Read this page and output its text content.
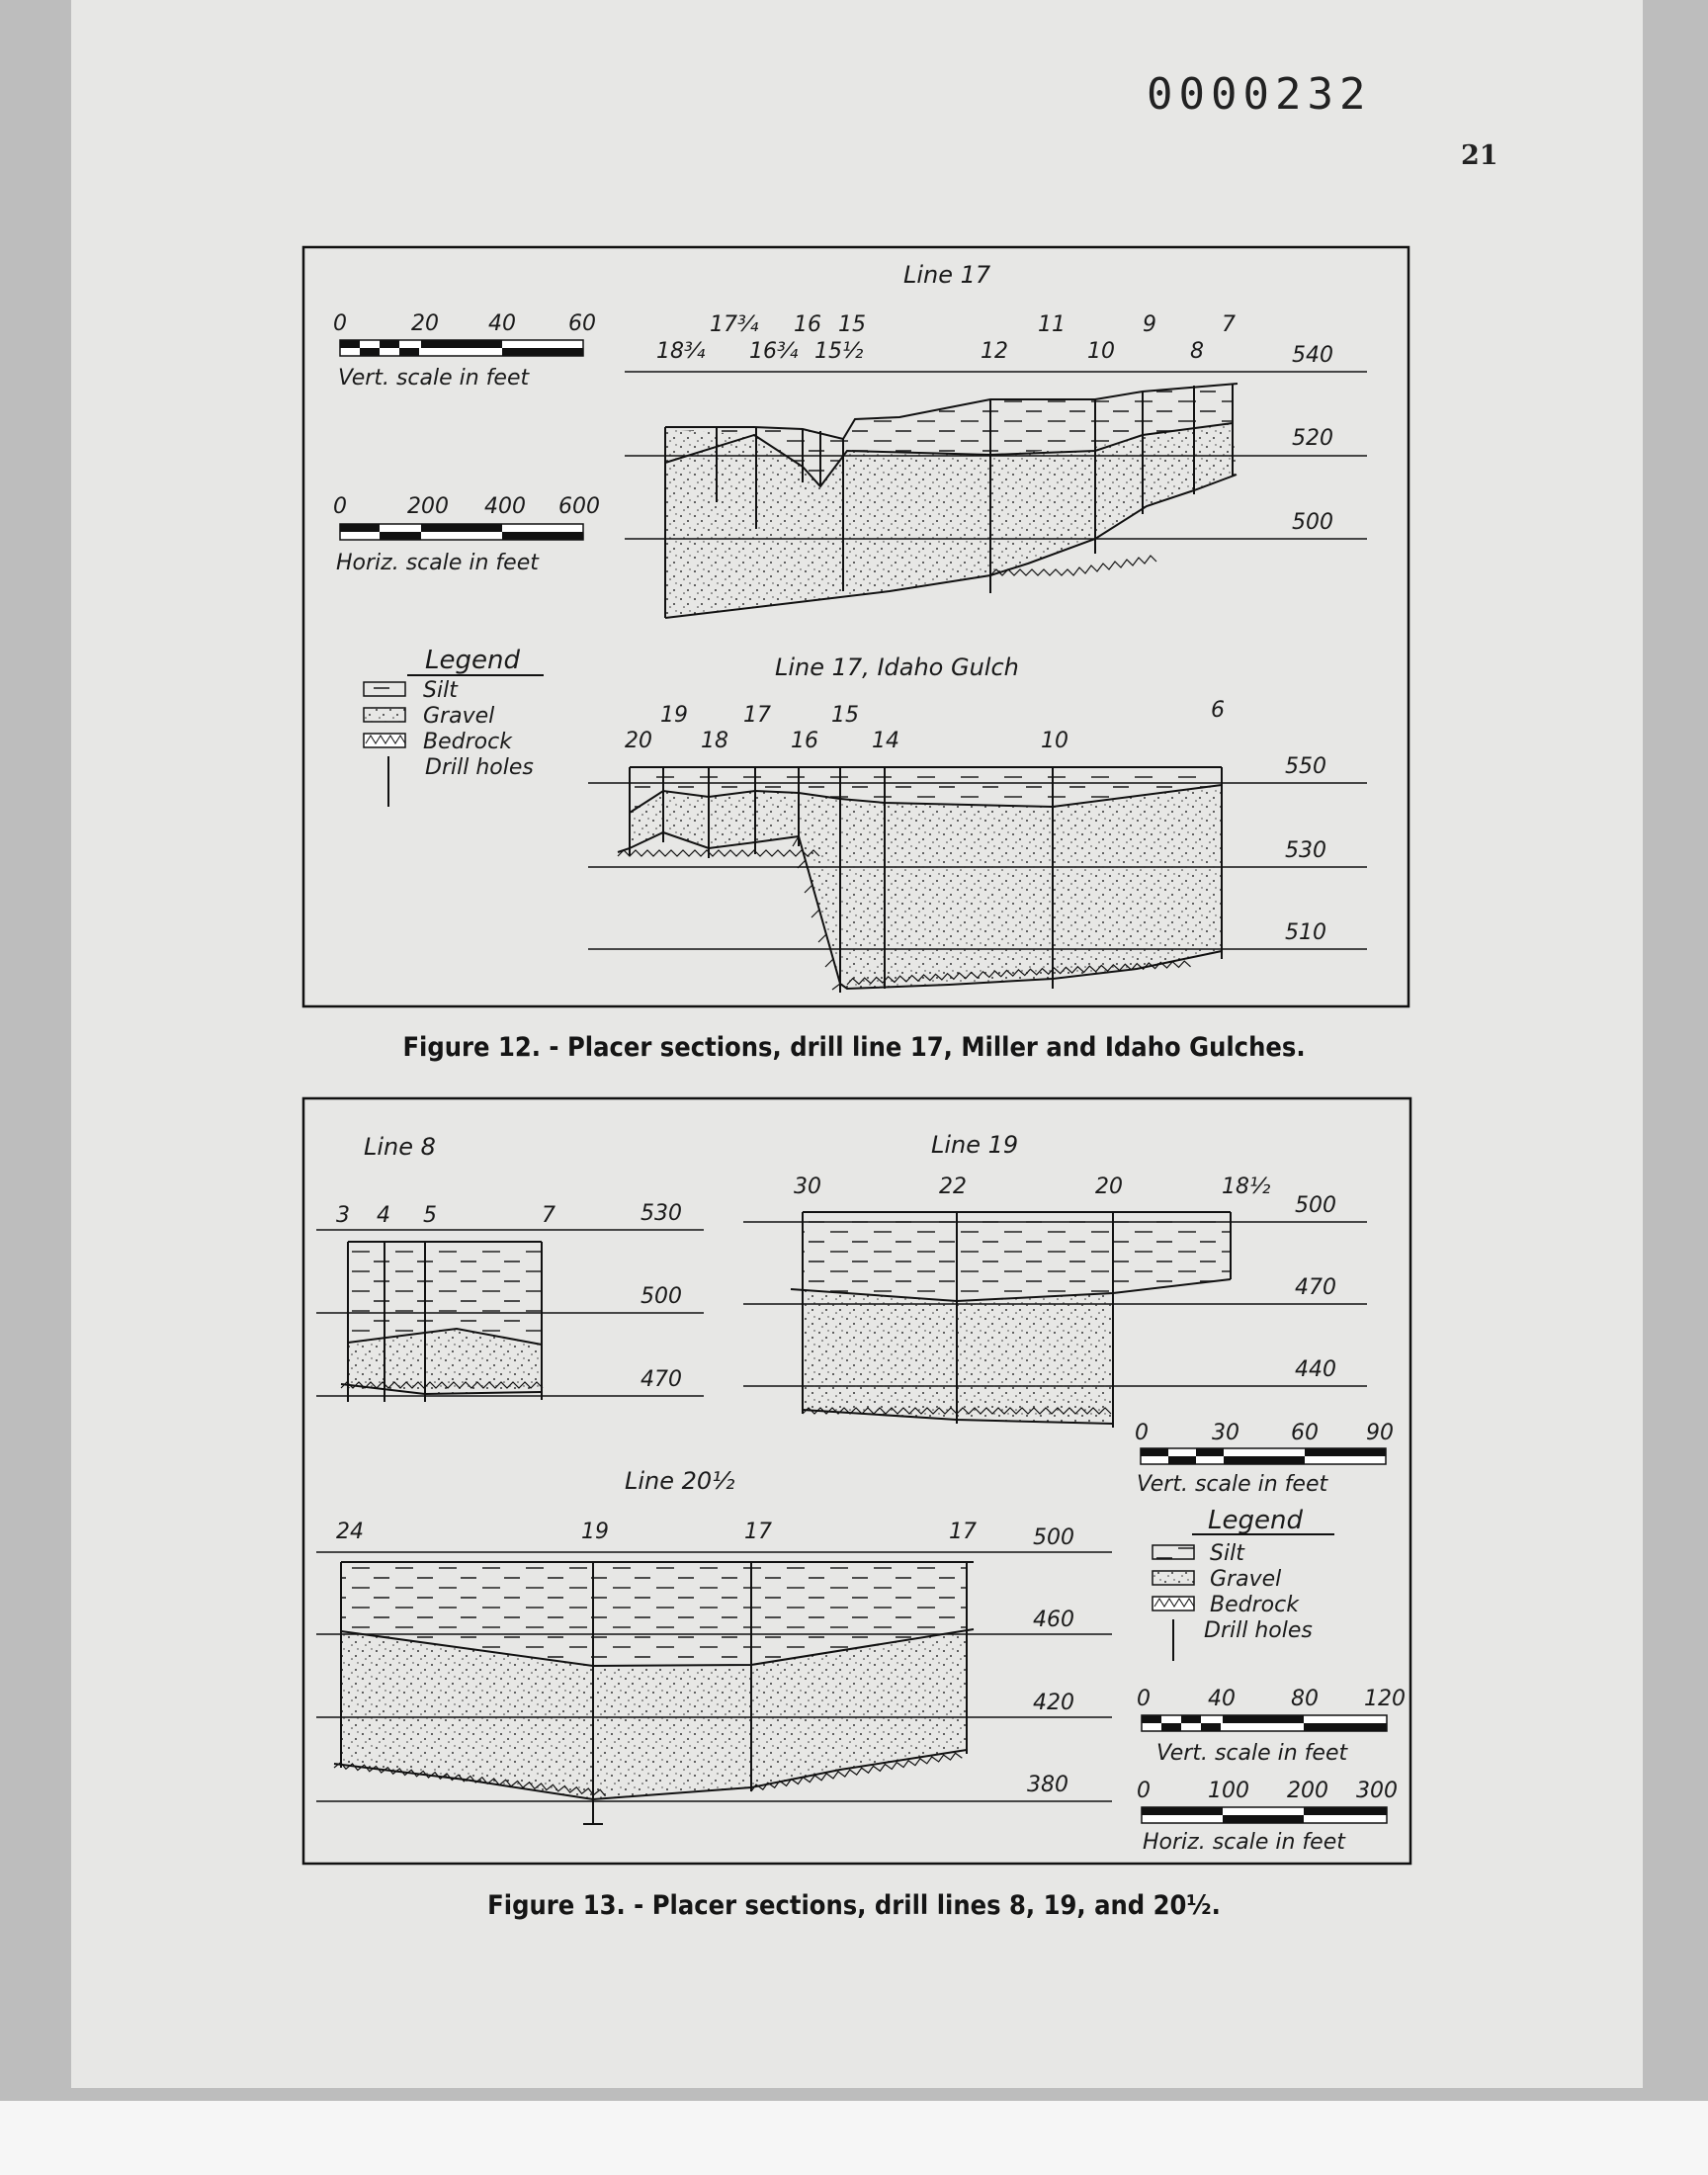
0000232
21
0	20 40 60
Vert. scale in feet
0	200 400 600
Horiz. scale in feet
Legend
Silt
Gravel
Bedrock
Drill holes
Line 17
17¾ 16 15	11	9	7
18¾ 16¾ 15½	12	10	8	540
520
500
Line 17, Idaho Gulch
19	17	15	6
20 18	16 14	10
550
530
510
Line 8
3 4 5	7	530
500
470
Line 19
30	22	20	18½
500
470
440
Line 20½
24	19	17	17	500
460
420
380
0	30 60 90
Vert. scale in feet
Legend
Silt
Gravel
Bedrock
Drill holes
0	40	80 120
Vert. scale in feet
0	100 200 300
Horiz. scale in feet
Figure 12. - Placer sections, drill line 17, Miller and Idaho Gulches.
Figure 13. - Placer sections, drill lines 8, 19, and 20½.
